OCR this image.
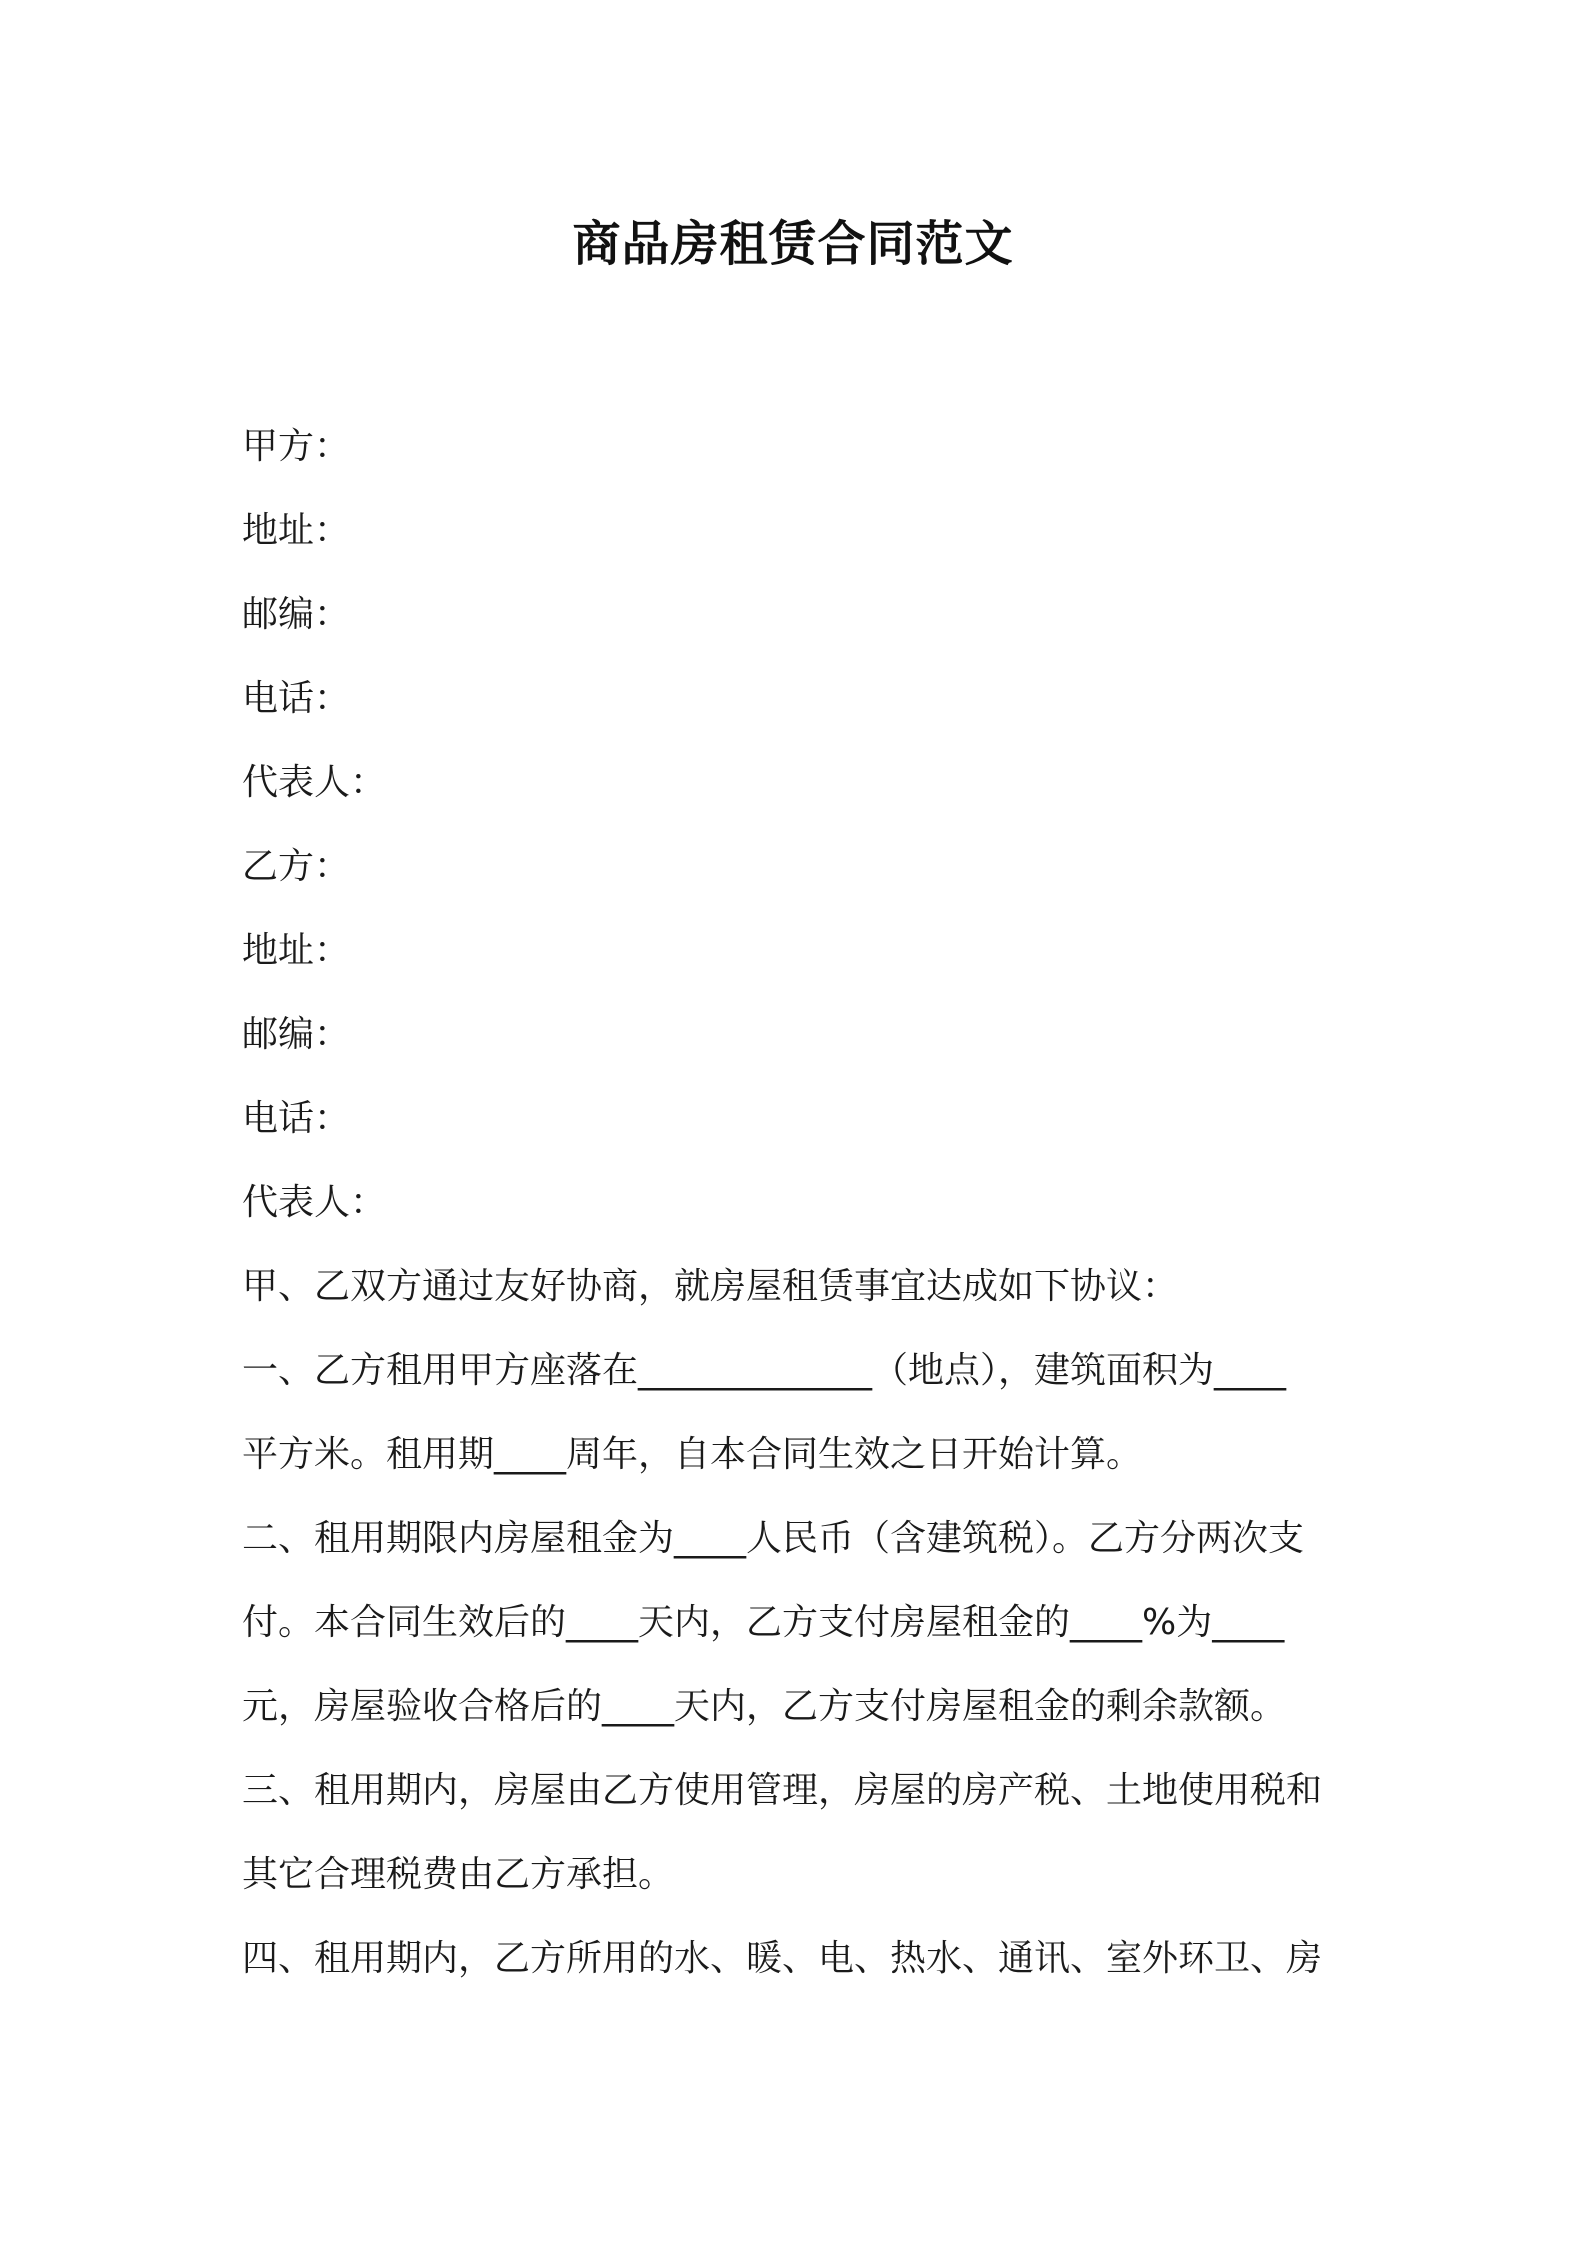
商品房租赁合同范文
甲方：
地址：
邮编：
电话：
代表人：
乙方：
地址：
邮编：
电话：
代表人：
甲、乙双方通过友好协商，就房屋租赁事宜达成如下协议：
一、乙方租用甲方座落在_____________（地点），建筑面积为____
平方米。租用期____周年，自本合同生效之日开始计算。
二、租用期限内房屋租金为____人民币（含建筑税）。乙方分两次支
付。本合同生效后的____天内，乙方支付房屋租金的____%为____
元，房屋验收合格后的____天内，乙方支付房屋租金的剩余款额。
三、租用期内，房屋由乙方使用管理，房屋的房产税、土地使用税和
其它合理税费由乙方承担。
四、租用期内，乙方所用的水、暖、电、热水、通讯、室外环卫、房
